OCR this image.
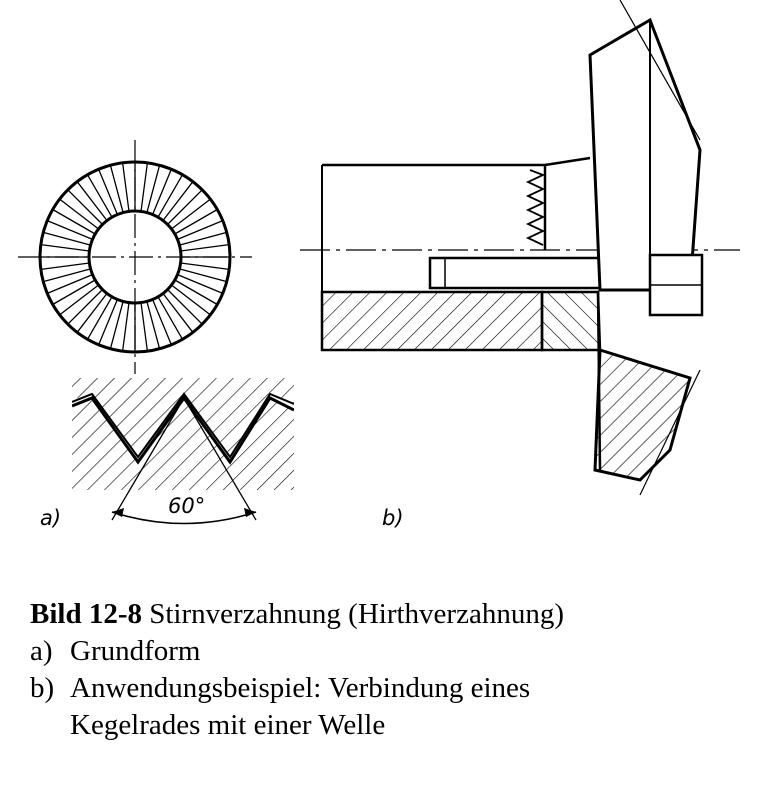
a)	60°	b)
Bild 12-8 Stirnverzahnung (Hirthverzahnung)
a) Grundform
b) Anwendungsbeispiel: Verbindung eines
Kegelrades mit einer Welle
